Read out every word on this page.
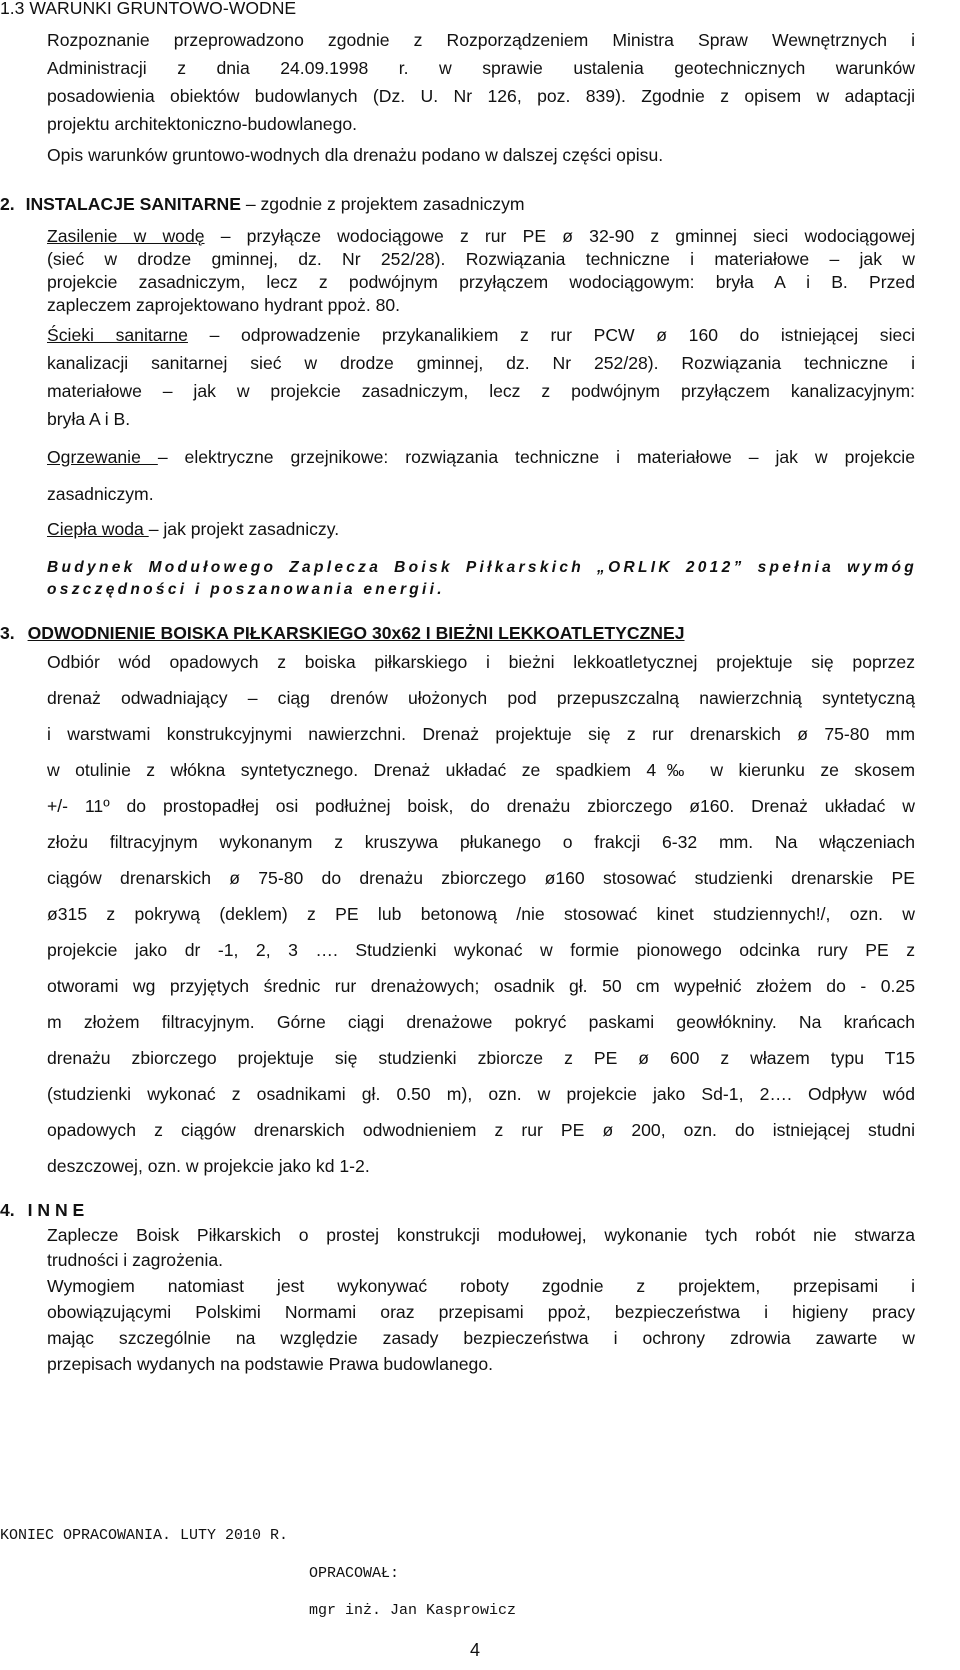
1.3 WARUNKI GRUNTOWO-WODNE
Rozpoznanie przeprowadzono zgodnie z Rozporządzeniem Ministra Spraw Wewnętrznych i
Administracji z dnia 24.09.1998 r. w sprawie ustalenia geotechnicznych warunków
posadowienia obiektów budowlanych (Dz. U. Nr 126, poz. 839). Zgodnie z opisem w adaptacji
projektu architektoniczno-budowlanego.
Opis warunków gruntowo-wodnych dla drenażu podano w dalszej części opisu.
2. INSTALACJE SANITARNE – zgodnie z projektem zasadniczym
Zasilenie w wodę – przyłącze wodociągowe z rur PE ø 32-90 z gminnej sieci wodociągowej
(sieć w drodze gminnej, dz. Nr 252/28). Rozwiązania techniczne i materiałowe – jak w
projekcie zasadniczym, lecz z podwójnym przyłączem wodociągowym: bryła A i B. Przed
zapleczem zaprojektowano hydrant ppoż. 80.
Ścieki sanitarne – odprowadzenie przykanalikiem z rur PCW ø 160 do istniejącej sieci
kanalizacji sanitarnej sieć w drodze gminnej, dz. Nr 252/28). Rozwiązania techniczne i
materiałowe – jak w projekcie zasadniczym, lecz z podwójnym przyłączem kanalizacyjnym:
bryła A i B.
Ogrzewanie – elektryczne grzejnikowe: rozwiązania techniczne i materiałowe – jak w projekcie
zasadniczym.
Ciepła woda – jak projekt zasadniczy.
Budynek Modułowego Zaplecza Boisk Piłkarskich „ORLIK 2012” spełnia wymóg
oszczędności i poszanowania energii.
3. ODWODNIENIE BOISKA PIŁKARSKIEGO 30x62 I BIEŻNI LEKKOATLETYCZNEJ
Odbiór wód opadowych z boiska piłkarskiego i bieżni lekkoatletycznej projektuje się poprzez
drenaż odwadniający – ciąg drenów ułożonych pod przepuszczalną nawierzchnią syntetyczną
i warstwami konstrukcyjnymi nawierzchni. Drenaż projektuje się z rur drenarskich ø 75-80 mm
w otulinie z włókna syntetycznego. Drenaż układać ze spadkiem 4‰ w kierunku ze skosem
+/- 11º do prostopadłej osi podłużnej boisk, do drenażu zbiorczego ø160. Drenaż układać w
złożu filtracyjnym wykonanym z kruszywa płukanego o frakcji 6-32 mm. Na włączeniach
ciągów drenarskich ø 75-80 do drenażu zbiorczego ø160 stosować studzienki drenarskie PE
ø315 z pokrywą (deklem) z PE lub betonową /nie stosować kinet studziennych!/, ozn. w
projekcie jako dr -1, 2, 3 …. Studzienki wykonać w formie pionowego odcinka rury PE z
otworami wg przyjętych średnic rur drenażowych; osadnik gł. 50 cm wypełnić złożem do - 0.25
m złożem filtracyjnym. Górne ciągi drenażowe pokryć paskami geowłókniny. Na krańcach
drenażu zbiorczego projektuje się studzienki zbiorcze z PE ø 600 z włazem typu T15
(studzienki wykonać z osadnikami gł. 0.50 m), ozn. w projekcie jako Sd-1, 2…. Odpływ wód
opadowych z ciągów drenarskich odwodnieniem z rur PE ø 200, ozn. do istniejącej studni
deszczowej, ozn. w projekcie jako kd 1-2.
4. I N N E
Zaplecze Boisk Piłkarskich o prostej konstrukcji modułowej, wykonanie tych robót nie stwarza
trudności i zagrożenia.
Wymogiem natomiast jest wykonywać roboty zgodnie z projektem, przepisami i
obowiązującymi Polskimi Normami oraz przepisami ppoż, bezpieczeństwa i higieny pracy
mając szczególnie na względzie zasady bezpieczeństwa i ochrony zdrowia zawarte w
przepisach wydanych na podstawie Prawa budowlanego.
KONIEC OPRACOWANIA. LUTY 2010 R.
OPRACOWAŁ:
mgr inż. Jan Kasprowicz
4
